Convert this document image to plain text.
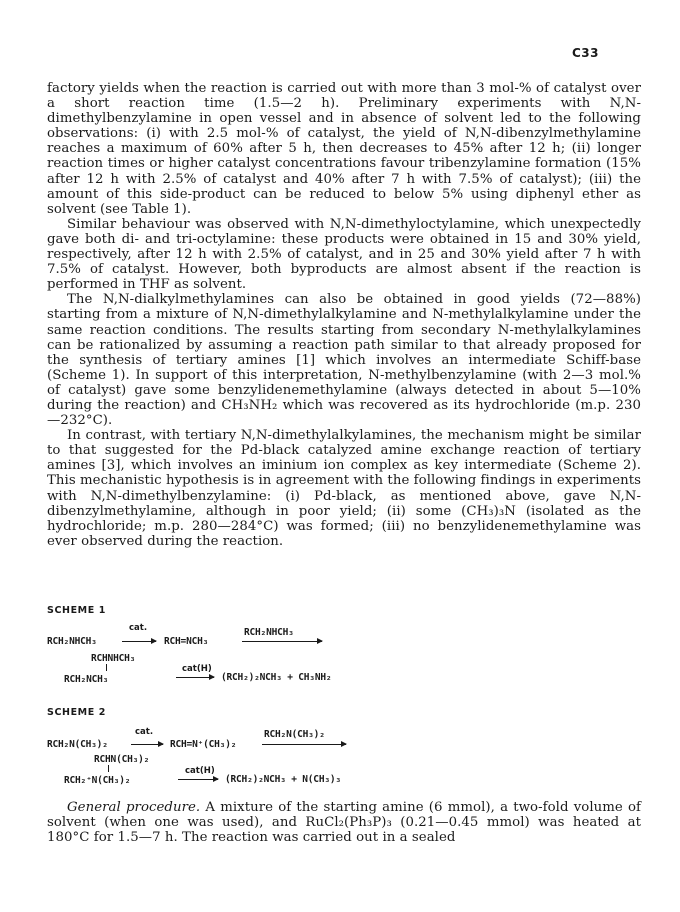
C33

factory yields when the reaction is carried out with more than 3 mol-% of catalyst over a short reaction time (1.5—2 h). Preliminary experiments with N,N-dimethylbenzylamine in open vessel and in absence of solvent led to the following observations: (i) with 2.5 mol-% of catalyst, the yield of N,N-dibenzylmethylamine reaches a maximum of 60% after 5 h, then decreases to 45% after 12 h; (ii) longer reaction times or higher catalyst concentrations favour tribenzylamine formation (15% after 12 h with 2.5% of catalyst and 40% after 7 h with 7.5% of catalyst); (iii) the amount of this side-product can be reduced to below 5% using diphenyl ether as solvent (see Table 1).

Similar behaviour was observed with N,N-dimethyloctylamine, which unexpectedly gave both di- and tri-octylamine: these products were obtained in 15 and 30% yield, respectively, after 12 h with 2.5% of catalyst, and in 25 and 30% yield after 7 h with 7.5% of catalyst. However, both byproducts are almost absent if the reaction is performed in THF as solvent.

The N,N-dialkylmethylamines can also be obtained in good yields (72—88%) starting from a mixture of N,N-dimethylalkylamine and N-methylalkylamine under the same reaction conditions. The results starting from secondary N-methylalkylamines can be rationalized by assuming a reaction path similar to that already proposed for the synthesis of tertiary amines [1] which involves an intermediate Schiff-base (Scheme 1). In support of this interpretation, N-methylbenzylamine (with 2—3 mol.% of catalyst) gave some benzylidenemethylamine (always detected in about 5—10% during the reaction) and CH₃NH₂ which was recovered as its hydrochloride (m.p. 230—232°C).

In contrast, with tertiary N,N-dimethylalkylamines, the mechanism might be similar to that suggested for the Pd-black catalyzed amine exchange reaction of tertiary amines [3], which involves an iminium ion complex as key intermediate (Scheme 2). This mechanistic hypothesis is in agreement with the following findings in experiments with N,N-dimethylbenzylamine: (i) Pd-black, as mentioned above, gave N,N-dibenzylmethylamine, although in poor yield; (ii) some (CH₃)₃N (isolated as the hydrochloride; m.p. 280—284°C) was formed; (iii) no benzylidenemethylamine was ever observed during the reaction.

SCHEME 1
RCH₂NHCH₃
cat.
RCH=NCH₃
RCH₂NHCH₃
RCHNHCH₃
RCH₂NCH₃
cat(H)
(RCH₂)₂NCH₃ + CH₃NH₂
SCHEME 2
RCH₂N(CH₃)₂
cat.
RCH=N⁺(CH₃)₂
RCH₂N(CH₃)₂
RCHN(CH₃)₂
RCH₂⁺N(CH₃)₂
cat(H)
(RCH₂)₂NCH₃ + N(CH₃)₃

General procedure. A mixture of the starting amine (6 mmol), a two-fold volume of solvent (when one was used), and RuCl₂(Ph₃P)₃ (0.21—0.45 mmol) was heated at 180°C for 1.5—7 h. The reaction was carried out in a sealed
